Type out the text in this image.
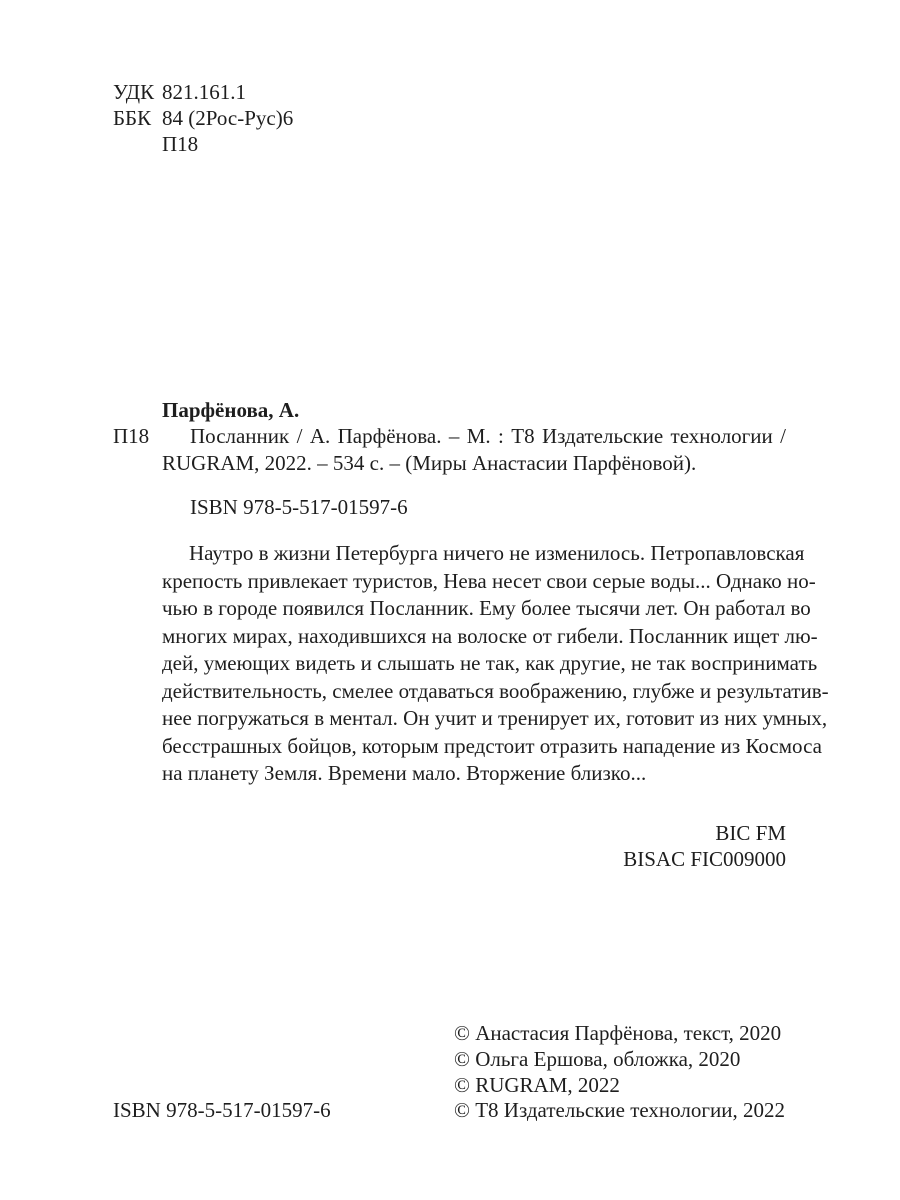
УДК 821.161.1
ББК 84 (2Рос-Рус)6
П18
Парфёнова, А.
П18 Посланник / А. Парфёнова. – М. : Т8 Издательские технологии /
RUGRAM, 2022. – 534 с. – (Миры Анастасии Парфёновой).
ISBN 978-5-517-01597-6
Наутро в жизни Петербурга ничего не изменилось. Петропавловская
крепость привлекает туристов, Нева несет свои серые воды... Однако но-
чью в городе появился Посланник. Ему более тысячи лет. Он работал во
многих мирах, находившихся на волоске от гибели. Посланник ищет лю-
дей, умеющих видеть и слышать не так, как другие, не так воспринимать
действительность, смелее отдаваться воображению, глубже и результатив-
нее погружаться в ментал. Он учит и тренирует их, готовит из них умных,
бесстрашных бойцов, которым предстоит отразить нападение из Космоса
на планету Земля. Времени мало. Вторжение близко...
BIC FM
BISAC FIC009000
ISBN 978-5-517-01597-6
© Анастасия Парфёнова, текст, 2020
© Ольга Ершова, обложка, 2020
© RUGRAM, 2022
© Т8 Издательские технологии, 2022
